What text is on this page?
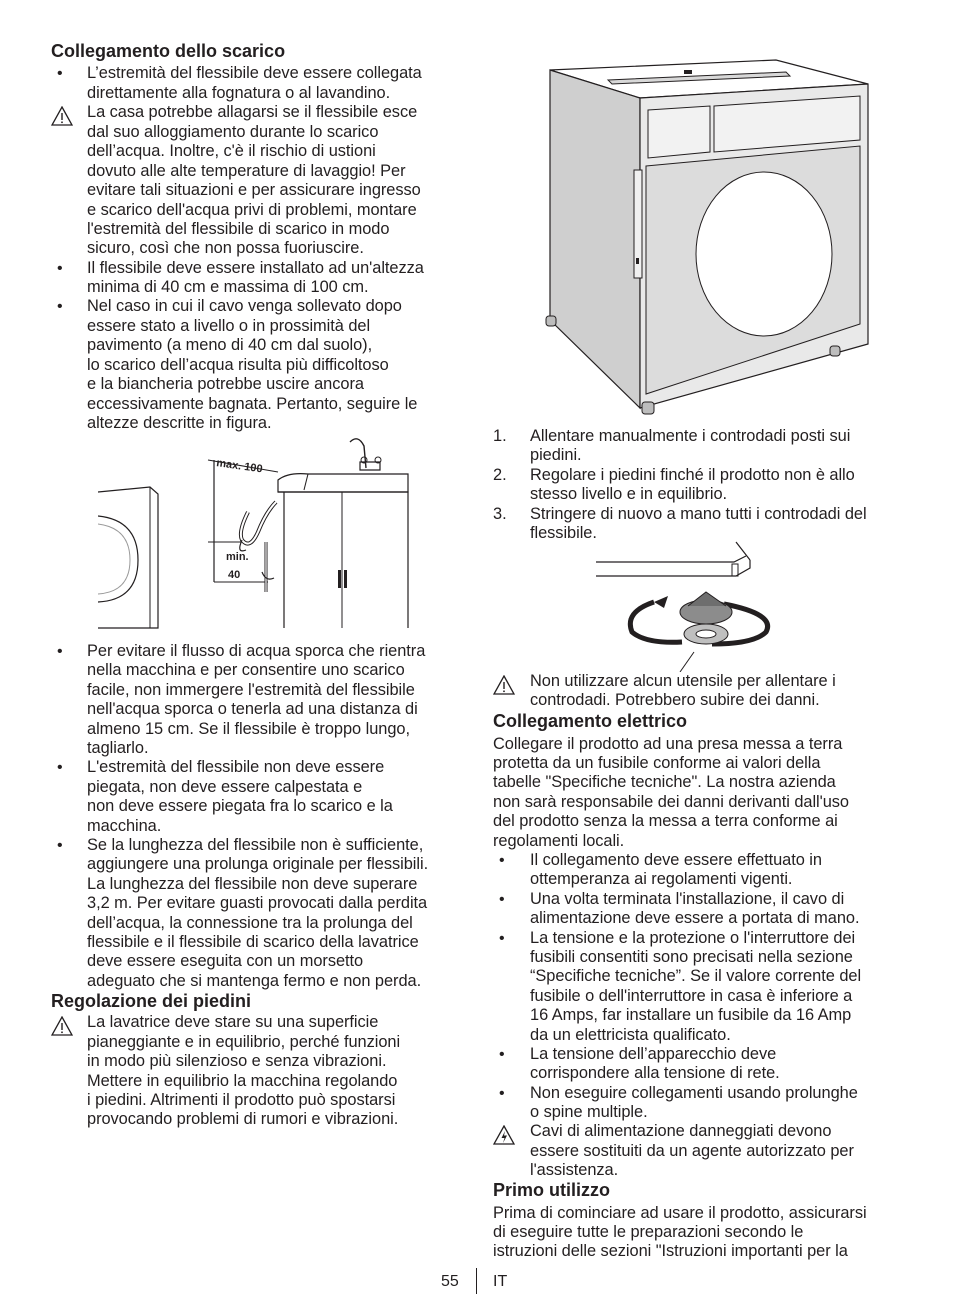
Collegamento dello scarico
• L’estremità del flessibile deve essere collegata
direttamente alla fognatura o al lavandino.
La casa potrebbe allagarsi se il flessibile esce
dal suo alloggiamento durante lo scarico
dell’acqua. Inoltre, c'è il rischio di ustioni
dovuto alle alte temperature di lavaggio! Per
evitare tali situazioni e per assicurare ingresso
e scarico dell'acqua privi di problemi, montare
l'estremità del flessibile di scarico in modo
sicuro, così che non possa fuoriuscire.
• Il flessibile deve essere installato ad un'altezza
minima di 40 cm e massima di 100 cm.
• Nel caso in cui il cavo venga sollevato dopo
essere stato a livello o in prossimità del
pavimento (a meno di 40 cm dal suolo),
lo scarico dell’acqua risulta più difficoltoso
e la biancheria potrebbe uscire ancora
eccessivamente bagnata. Pertanto, seguire le
altezze descritte in figura.
max. 100
min.
40
• Per evitare il flusso di acqua sporca che rientra
nella macchina e per consentire uno scarico
facile, non immergere l'estremità del flessibile
nell'acqua sporca o tenerla ad una distanza di
almeno 15 cm. Se il flessibile è troppo lungo,
tagliarlo.
• L'estremità del flessibile non deve essere
piegata, non deve essere calpestata e
non deve essere piegata fra lo scarico e la
macchina.
• Se la lunghezza del flessibile non è sufficiente,
aggiungere una prolunga originale per flessibili.
La lunghezza del flessibile non deve superare
3,2 m. Per evitare guasti provocati dalla perdita
dell’acqua, la connessione tra la prolunga del
flessibile e il flessibile di scarico della lavatrice
deve essere eseguita con un morsetto
adeguato che si mantenga fermo e non perda.
Regolazione dei piedini
La lavatrice deve stare su una superficie
pianeggiante e in equilibrio, perché funzioni
in modo più silenzioso e senza vibrazioni.
Mettere in equilibrio la macchina regolando
i piedini. Altrimenti il prodotto può spostarsi
provocando problemi di rumori e vibrazioni.
1. Allentare manualmente i controdadi posti sui
piedini.
2. Regolare i piedini finché il prodotto non è allo
stesso livello e in equilibrio.
3. Stringere di nuovo a mano tutti i controdadi del
flessibile.
Non utilizzare alcun utensile per allentare i
controdadi. Potrebbero subire dei danni.
Collegamento elettrico
Collegare il prodotto ad una presa messa a terra
protetta da un fusibile conforme ai valori della
tabelle "Specifiche tecniche". La nostra azienda
non sarà responsabile dei danni derivanti dall'uso
del prodotto senza la messa a terra conforme ai
regolamenti locali.
• Il collegamento deve essere effettuato in
ottemperanza ai regolamenti vigenti.
• Una volta terminata l'installazione, il cavo di
alimentazione deve essere a portata di mano.
• La tensione e la protezione o l'interruttore dei
fusibili consentiti sono precisati nella sezione
“Specifiche tecniche”. Se il valore corrente del
fusibile o dell'interruttore in casa è inferiore a
16 Amps, far installare un fusibile da 16 Amp
da un elettricista qualificato.
• La tensione dell’apparecchio deve
corrispondere alla tensione di rete.
• Non eseguire collegamenti usando prolunghe
o spine multiple.
Cavi di alimentazione danneggiati devono
essere sostituiti da un agente autorizzato per
l'assistenza.
Primo utilizzo
Prima di cominciare ad usare il prodotto, assicurarsi
di eseguire tutte le preparazioni secondo le
istruzioni delle sezioni "Istruzioni importanti per la
55 IT
